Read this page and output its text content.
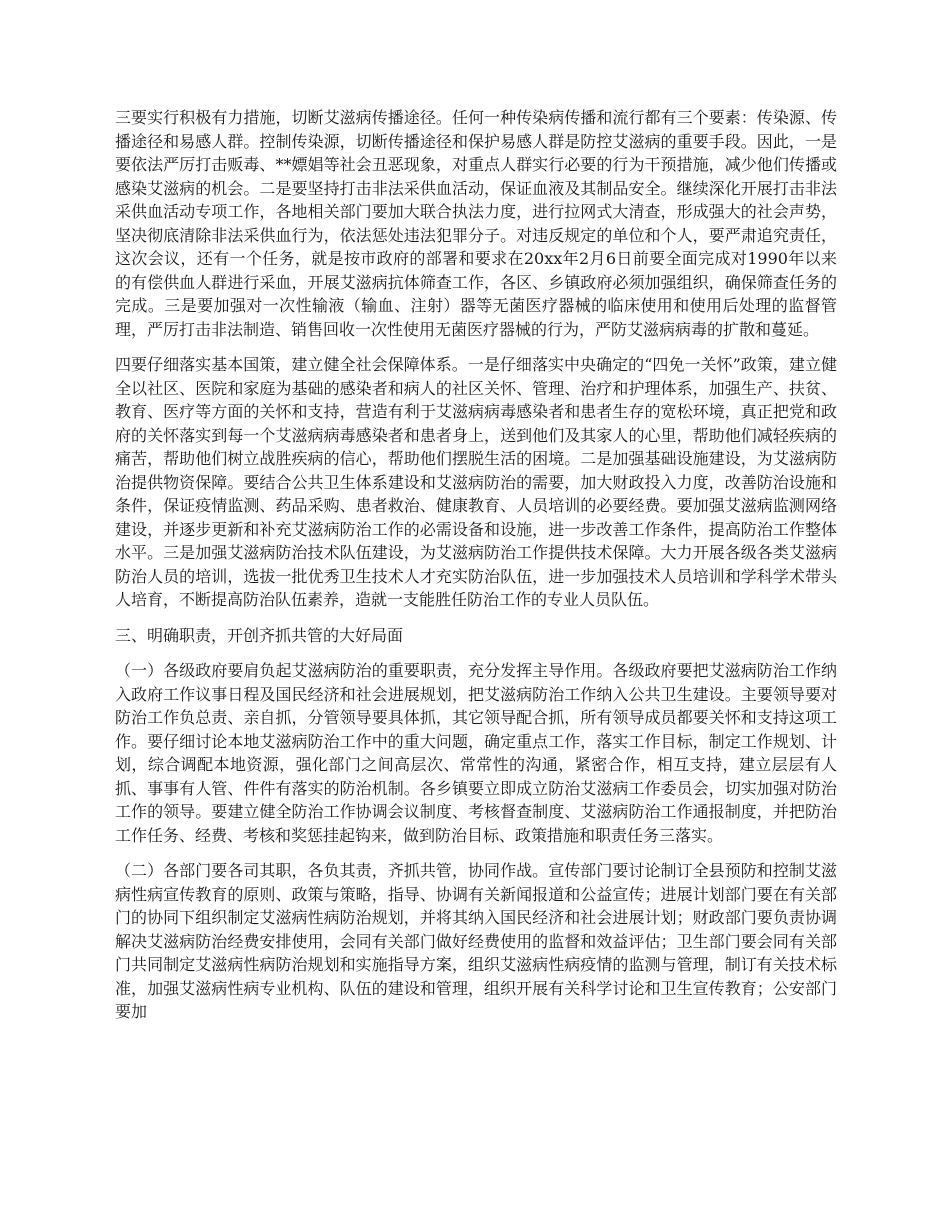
三要实行积极有力措施，切断艾滋病传播途径。任何一种传染病传播和流行都有三个要素：传染源、传播途径和易感人群。控制传染源，切断传播途径和保护易感人群是防控艾滋病的重要手段。因此，一是要依法严厉打击贩毒、**嫖娼等社会丑恶现象，对重点人群实行必要的行为干预措施，减少他们传播或感染艾滋病的机会。二是要坚持打击非法采供血活动，保证血液及其制品安全。继续深化开展打击非法采供血活动专项工作，各地相关部门要加大联合执法力度，进行拉网式大清查，形成强大的社会声势，坚决彻底清除非法采供血行为，依法惩处违法犯罪分子。对违反规定的单位和个人，要严肃追究责任，这次会议，还有一个任务，就是按市政府的部署和要求在20xx年2月6日前要全面完成对1990年以来的有偿供血人群进行采血，开展艾滋病抗体筛查工作，各区、乡镇政府必须加强组织，确保筛查任务的完成。三是要加强对一次性输液（输血、注射）器等无菌医疗器械的临床使用和使用后处理的监督管理，严厉打击非法制造、销售回收一次性使用无菌医疗器械的行为，严防艾滋病病毒的扩散和蔓延。

四要仔细落实基本国策，建立健全社会保障体系。一是仔细落实中央确定的“四免一关怀”政策，建立健全以社区、医院和家庭为基础的感染者和病人的社区关怀、管理、治疗和护理体系，加强生产、扶贫、教育、医疗等方面的关怀和支持，营造有利于艾滋病病毒感染者和患者生存的宽松环境，真正把党和政府的关怀落实到每一个艾滋病病毒感染者和患者身上，送到他们及其家人的心里，帮助他们减轻疾病的痛苦，帮助他们树立战胜疾病的信心，帮助他们摆脱生活的困境。二是加强基础设施建设，为艾滋病防治提供物资保障。要结合公共卫生体系建设和艾滋病防治的需要，加大财政投入力度，改善防治设施和条件，保证疫情监测、药品采购、患者救治、健康教育、人员培训的必要经费。要加强艾滋病监测网络建设，并逐步更新和补充艾滋病防治工作的必需设备和设施，进一步改善工作条件，提高防治工作整体水平。三是加强艾滋病防治技术队伍建设，为艾滋病防治工作提供技术保障。大力开展各级各类艾滋病防治人员的培训，选拔一批优秀卫生技术人才充实防治队伍，进一步加强技术人员培训和学科学术带头人培育，不断提高防治队伍素养，造就一支能胜任防治工作的专业人员队伍。

三、明确职责，开创齐抓共管的大好局面

（一）各级政府要肩负起艾滋病防治的重要职责，充分发挥主导作用。各级政府要把艾滋病防治工作纳入政府工作议事日程及国民经济和社会进展规划，把艾滋病防治工作纳入公共卫生建设。主要领导要对防治工作负总责、亲自抓，分管领导要具体抓，其它领导配合抓，所有领导成员都要关怀和支持这项工作。要仔细讨论本地艾滋病防治工作中的重大问题，确定重点工作，落实工作目标，制定工作规划、计划，综合调配本地资源，强化部门之间高层次、常常性的沟通，紧密合作，相互支持，建立层层有人抓、事事有人管、件件有落实的防治机制。各乡镇要立即成立防治艾滋病工作委员会，切实加强对防治工作的领导。要建立健全防治工作协调会议制度、考核督查制度、艾滋病防治工作通报制度，并把防治工作任务、经费、考核和奖惩挂起钩来，做到防治目标、政策措施和职责任务三落实。

（二）各部门要各司其职，各负其责，齐抓共管，协同作战。宣传部门要讨论制订全县预防和控制艾滋病性病宣传教育的原则、政策与策略，指导、协调有关新闻报道和公益宣传；进展计划部门要在有关部门的协同下组织制定艾滋病性病防治规划，并将其纳入国民经济和社会进展计划；财政部门要负责协调解决艾滋病防治经费安排使用，会同有关部门做好经费使用的监督和效益评估；卫生部门要会同有关部门共同制定艾滋病性病防治规划和实施指导方案，组织艾滋病性病疫情的监测与管理，制订有关技术标准，加强艾滋病性病专业机构、队伍的建设和管理，组织开展有关科学讨论和卫生宣传教育；公安部门要加
